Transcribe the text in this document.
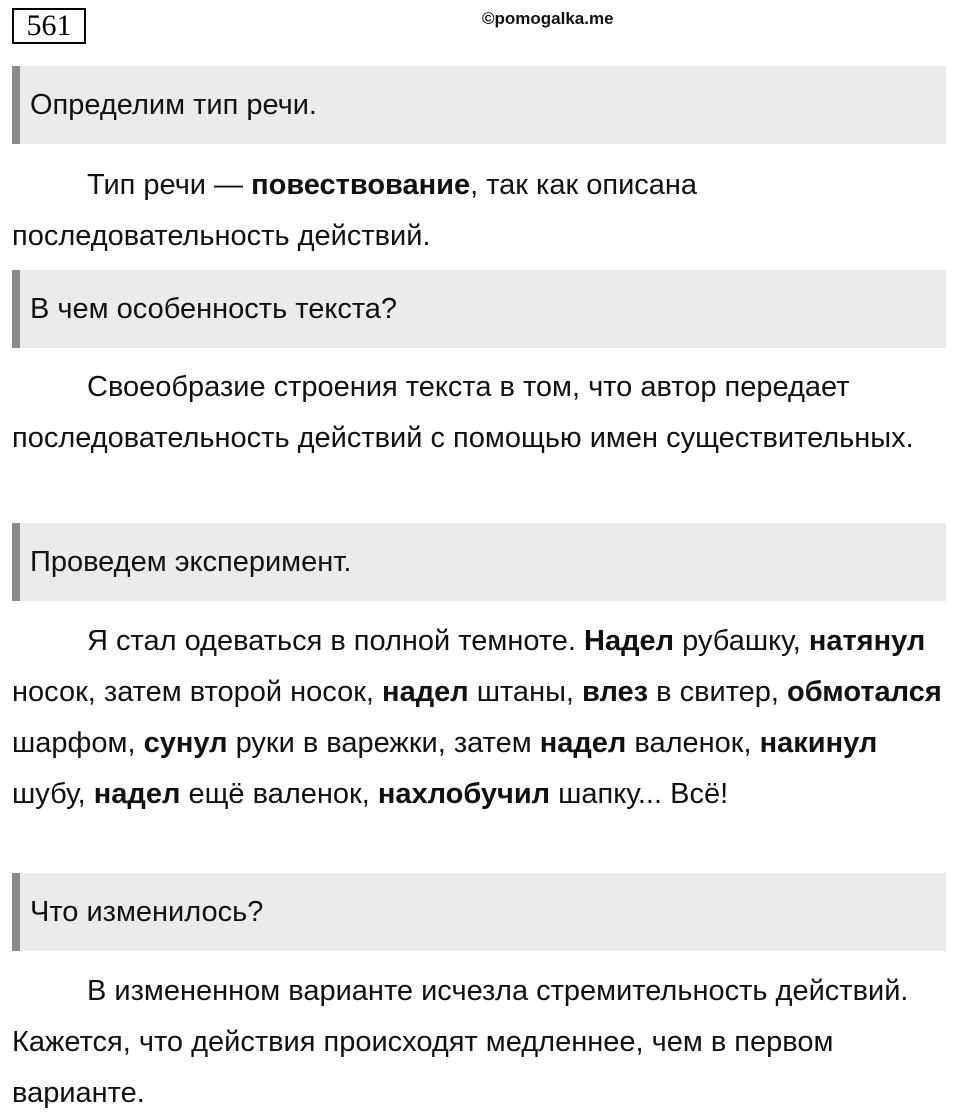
561	©pomogalka.me
Определим тип речи.

Тип речи — повествование, так как описана последовательность действий.

В чем особенность текста?

Своеобразие строения текста в том, что автор передает последовательность действий с помощью имен существительных.

Проведем эксперимент.

Я стал одеваться в полной темноте. Надел рубашку, натянул носок, затем второй носок, надел штаны, влез в свитер, обмотался шарфом, сунул руки в варежки, затем надел валенок, накинул шубу, надел ещё валенок, нахлобучил шапку... Всё!

Что изменилось?

В измененном варианте исчезла стремительность действий. Кажется, что действия происходят медленнее, чем в первом варианте.
